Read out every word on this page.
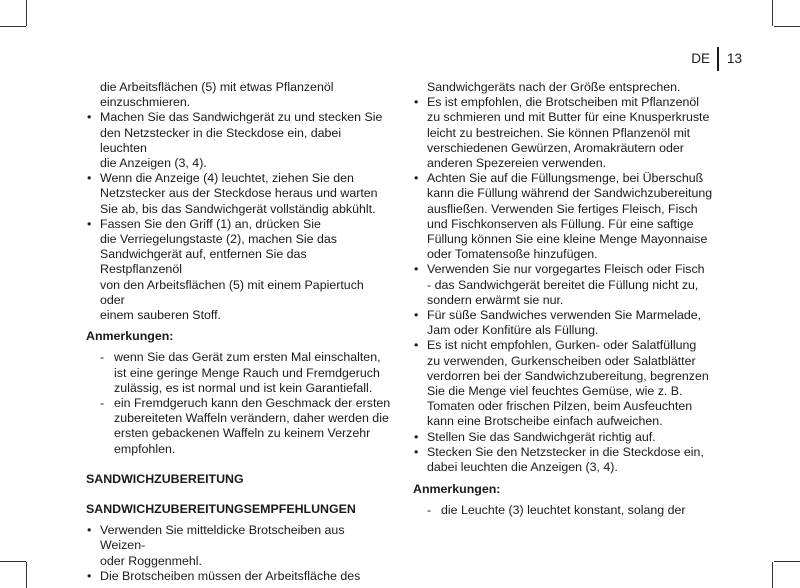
DE 13
die Arbeitsflächen (5) mit etwas Pflanzenöl
einzuschmieren.
• Machen Sie das Sandwichgerät zu und stecken Sie
den Netzstecker in die Steckdose ein, dabei leuchten
die Anzeigen (3, 4).
• Wenn die Anzeige (4) leuchtet, ziehen Sie den
Netzstecker aus der Steckdose heraus und warten
Sie ab, bis das Sandwichgerät vollständig abkühlt.
• Fassen Sie den Griff (1) an, drücken Sie
die Verriegelungstaste (2), machen Sie das
Sandwichgerät auf, entfernen Sie das Restpflanzenöl
von den Arbeitsflächen (5) mit einem Papiertuch oder
einem sauberen Stoff.
Anmerkungen:
- wenn Sie das Gerät zum ersten Mal einschalten,
ist eine geringe Menge Rauch und Fremdgeruch
zulässig, es ist normal und ist kein Garantiefall.
- ein Fremdgeruch kann den Geschmack der ersten
zubereiteten Waffeln verändern, daher werden die
ersten gebackenen Waffeln zu keinem Verzehr
empfohlen.
SANDWICHZUBEREITUNG
SANDWICHZUBEREITUNGSEMPFEHLUNGEN
• Verwenden Sie mitteldicke Brotscheiben aus Weizen-
oder Roggenmehl.
• Die Brotscheiben müssen der Arbeitsfläche des
Sandwichgeräts nach der Größe entsprechen.
• Es ist empfohlen, die Brotscheiben mit Pflanzenöl
zu schmieren und mit Butter für eine Knusperkruste
leicht zu bestreichen. Sie können Pflanzenöl mit
verschiedenen Gewürzen, Aromakräutern oder
anderen Spezereien verwenden.
• Achten Sie auf die Füllungsmenge, bei Überschuß
kann die Füllung während der Sandwichzubereitung
ausfließen. Verwenden Sie fertiges Fleisch, Fisch
und Fischkonserven als Füllung. Für eine saftige
Füllung können Sie eine kleine Menge Mayonnaise
oder Tomatensoße hinzufügen.
• Verwenden Sie nur vorgegartes Fleisch oder Fisch
- das Sandwichgerät bereitet die Füllung nicht zu,
sondern erwärmt sie nur.
• Für süße Sandwiches verwenden Sie Marmelade,
Jam oder Konfitüre als Füllung.
• Es ist nicht empfohlen, Gurken- oder Salatfüllung
zu verwenden, Gurkenscheiben oder Salatblätter
verdorren bei der Sandwichzubereitung, begrenzen
Sie die Menge viel feuchtes Gemüse, wie z. B.
Tomaten oder frischen Pilzen, beim Ausfeuchten
kann eine Brotscheibe einfach aufweichen.
• Stellen Sie das Sandwichgerät richtig auf.
• Stecken Sie den Netzstecker in die Steckdose ein,
dabei leuchten die Anzeigen (3, 4).
Anmerkungen:
- die Leuchte (3) leuchtet konstant, solang der
